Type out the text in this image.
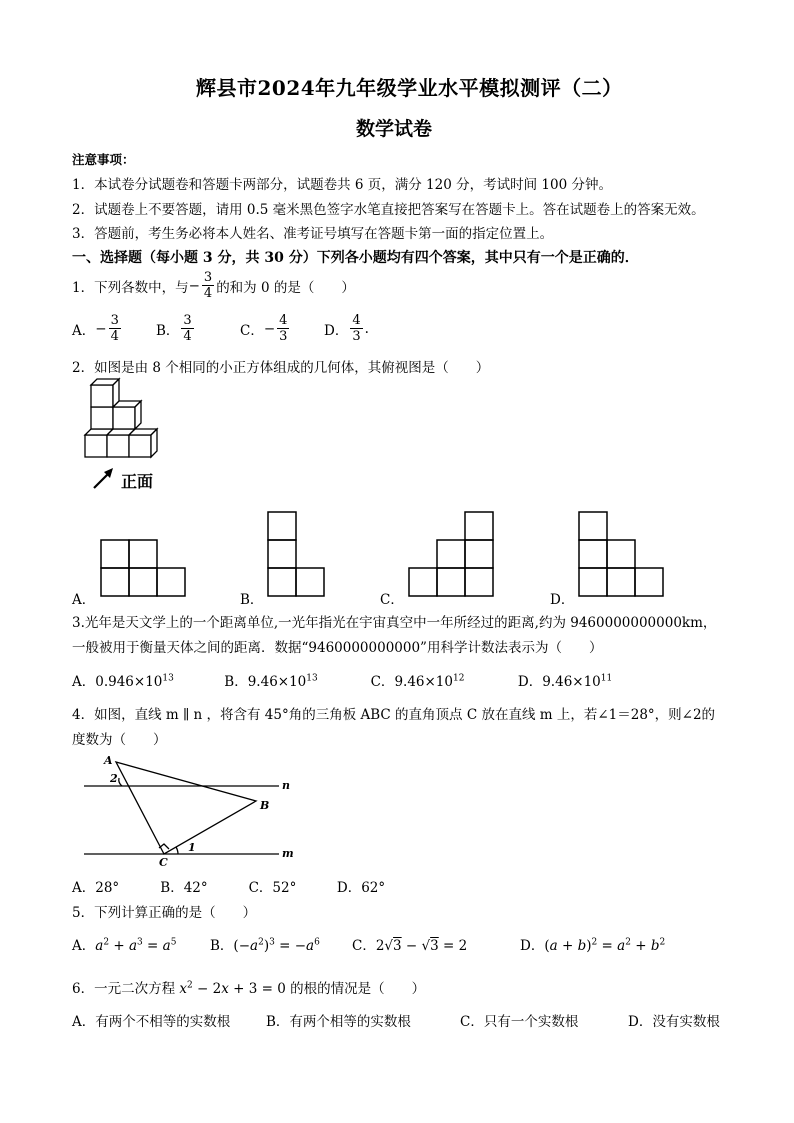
辉县市2024年九年级学业水平模拟测评（二）
数学试卷
注意事项：
1．本试卷分试题卷和答题卡两部分，试题卷共 6 页，满分 120 分，考试时间 100 分钟。
2．试题卷上不要答题，请用 0.5 毫米黑色签字水笔直接把答案写在答题卡上。答在试题卷上的答案无效。
3．答题前，考生务必将本人姓名、准考证号填写在答题卡第一面的指定位置上。
一、选择题（每小题 3 分，共 30 分）下列各小题均有四个答案，其中只有一个是正确的．
1．下列各数中，与 − $\frac{3}{4}$ 的和为 0 的是（　　）
A． − $\frac{3}{4}$	B． $\frac{3}{4}$	C． − $\frac{4}{3}$	D． $\frac{4}{3}$ .
2．如图是由 8 个相同的小正方体组成的几何体，其俯视图是（　　）
正面
A．	B．	C．	D．
3.光年是天文学上的一个距离单位,一光年指光在宇宙真空中一年所经过的距离,约为 9460000000000km，
一般被用于衡量天体之间的距离．数据“9460000000000”用科学计数法表示为（　　）
A．$0.946\times 10^{13}$	B．$9.46\times 10^{13}$	C．$9.46\times 10^{12}$	D．$9.46\times 10^{11}$
4．如图，直线 m ∥ n ，将含有 45°角的三角板 ABC 的直角顶点 C 放在直线 m 上，若∠1＝28°，则∠2的
度数为（　　）
A
2
B
C
1
n
m
A．28°	B．42°	C．52°	D．62°
5．下列计算正确的是（　　）
A．$a^2 + a^3 = a^5$ B．$(-a^2)^3 = -a^6$ C．2√3 − √3 = 2	D．$(a + b)^2 = a^2 + b^2$
6．一元二次方程 $x^2 - 2x + 3 = 0$ 的根的情况是（　　）
A．有两个不相等的实数根	B．有两个相等的实数根	C．只有一个实数根	D．没有实数根
